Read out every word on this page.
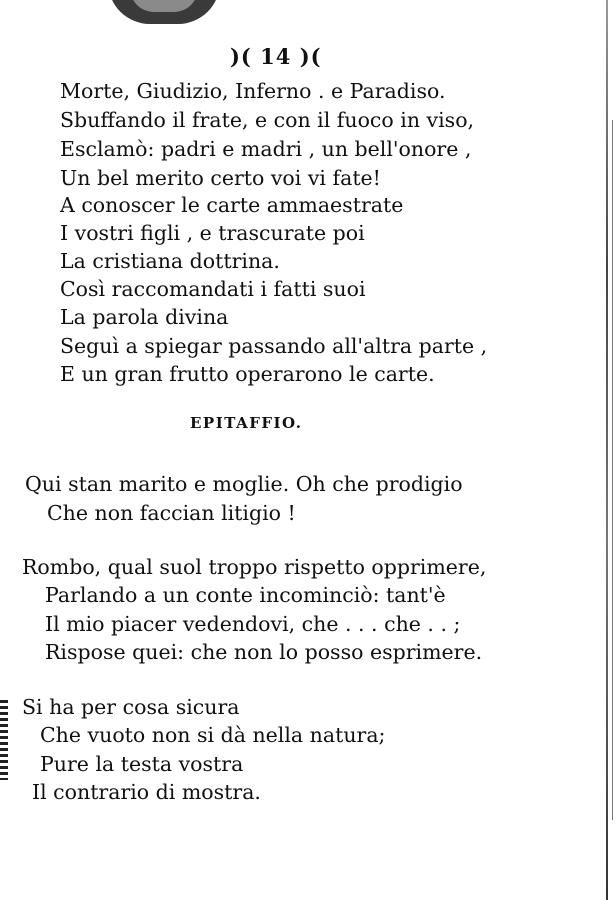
)( 14 )(
Morte, Giudizio, Inferno . e Paradiso.
Sbuffando il frate, e con il fuoco in viso,
Esclamò: padri e madri , un bell'onore ,
Un bel merito certo voi vi fate!
A conoscer le carte ammaestrate
I vostri figli , e trascurate poi
La cristiana dottrina.
Così raccomandati i fatti suoi
La parola divina
Seguì a spiegar passando all'altra parte ,
E un gran frutto operarono le carte.
EPITAFFIO.
Qui stan marito e moglie. Oh che prodigio
Che non faccian litigio !
Rombo, qual suol troppo rispetto opprimere,
Parlando a un conte incominciò: tant'è
Il mio piacer vedendovi, che . . . che . . ;
Rispose quei: che non lo posso esprimere.
Si ha per cosa sicura
Che vuoto non si dà nella natura;
Pure la testa vostra
Il contrario di mostra.
